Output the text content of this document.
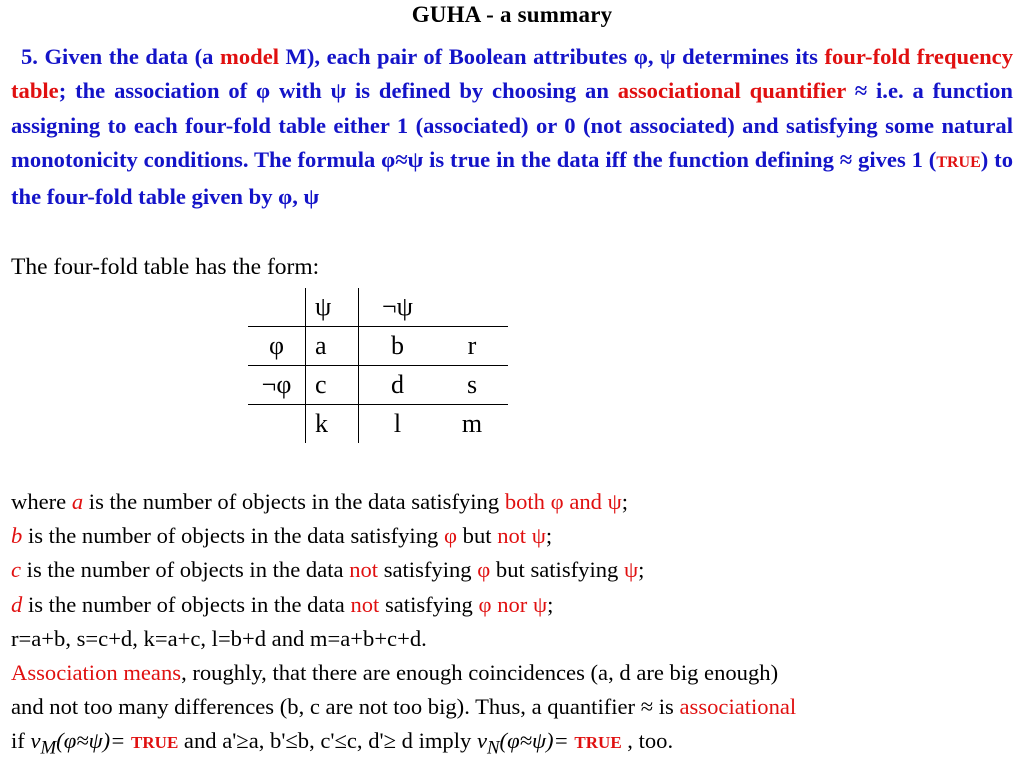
GUHA - a summary
5. Given the data (a model M), each pair of Boolean attributes φ, ψ determines its four-fold frequency table; the association of φ with ψ is defined by choosing an associational quantifier ≈ i.e. a function assigning to each four-fold table either 1 (associated) or 0 (not associated) and satisfying some natural monotonicity conditions. The formula φ≈ψ is true in the data iff the function defining ≈ gives 1 (TRUE) to the four-fold table given by φ, ψ
The four-fold table has the form:
	ψ	¬ψ	
φ	a	b	r
¬φ	c	d	s
	k	l	m
where a is the number of objects in the data satisfying both φ and ψ;
b is the number of objects in the data satisfying φ but not ψ;
c is the number of objects in the data not satisfying φ but satisfying ψ;
d is the number of objects in the data not satisfying φ nor ψ;
r=a+b, s=c+d, k=a+c, l=b+d and m=a+b+c+d.
Association means, roughly, that there are enough coincidences (a, d are big enough)
and not too many differences (b, c are not too big). Thus, a quantifier ≈ is associational
if $v_M(\varphi\approx\psi)=$ TRUE and a'≥a, b'≤b, c'≤c, d'≥ d imply $v_N(\varphi\approx\psi)=$ TRUE , too.
